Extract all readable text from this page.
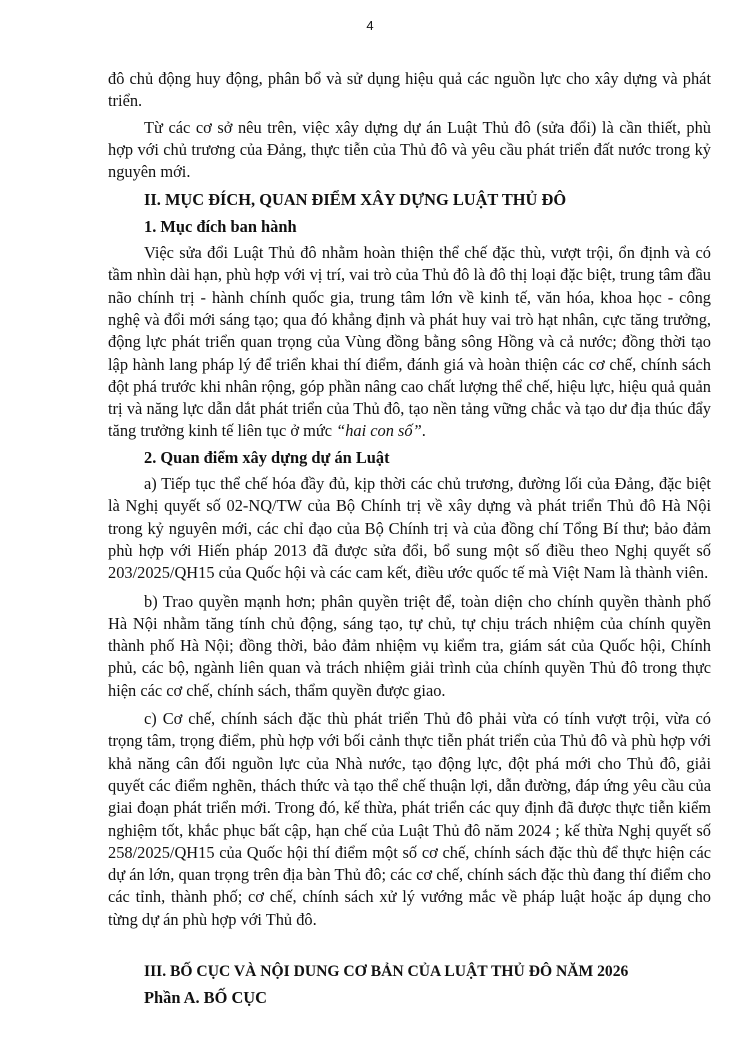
4

đô chủ động huy động, phân bổ và sử dụng hiệu quả các nguồn lực cho xây dựng và phát triển.

Từ các cơ sở nêu trên, việc xây dựng dự án Luật Thủ đô (sửa đổi) là cần thiết, phù hợp với chủ trương của Đảng, thực tiễn của Thủ đô và yêu cầu phát triển đất nước trong kỷ nguyên mới.

II. MỤC ĐÍCH, QUAN ĐIỂM XÂY DỰNG LUẬT THỦ ĐÔ
1. Mục đích ban hành

Việc sửa đổi Luật Thủ đô nhằm hoàn thiện thể chế đặc thù, vượt trội, ổn định và có tầm nhìn dài hạn, phù hợp với vị trí, vai trò của Thủ đô là đô thị loại đặc biệt, trung tâm đầu não chính trị - hành chính quốc gia, trung tâm lớn về kinh tế, văn hóa, khoa học - công nghệ và đổi mới sáng tạo; qua đó khẳng định và phát huy vai trò hạt nhân, cực tăng trưởng, động lực phát triển quan trọng của Vùng đồng bằng sông Hồng và cả nước; đồng thời tạo lập hành lang pháp lý để triển khai thí điểm, đánh giá và hoàn thiện các cơ chế, chính sách đột phá trước khi nhân rộng, góp phần nâng cao chất lượng thể chế, hiệu lực, hiệu quả quản trị và năng lực dẫn dắt phát triển của Thủ đô, tạo nền tảng vững chắc và tạo dư địa thúc đẩy tăng trưởng kinh tế liên tục ở mức “hai con số”.

2. Quan điểm xây dựng dự án Luật

a) Tiếp tục thể chế hóa đầy đủ, kịp thời các chủ trương, đường lối của Đảng, đặc biệt là Nghị quyết số 02-NQ/TW của Bộ Chính trị về xây dựng và phát triển Thủ đô Hà Nội trong kỷ nguyên mới, các chỉ đạo của Bộ Chính trị và của đồng chí Tổng Bí thư; bảo đảm phù hợp với Hiến pháp 2013 đã được sửa đổi, bổ sung một số điều theo Nghị quyết số 203/2025/QH15 của Quốc hội và các cam kết, điều ước quốc tế mà Việt Nam là thành viên.

b) Trao quyền mạnh hơn; phân quyền triệt để, toàn diện cho chính quyền thành phố Hà Nội nhằm tăng tính chủ động, sáng tạo, tự chủ, tự chịu trách nhiệm của chính quyền thành phố Hà Nội; đồng thời, bảo đảm nhiệm vụ kiểm tra, giám sát của Quốc hội, Chính phủ, các bộ, ngành liên quan và trách nhiệm giải trình của chính quyền Thủ đô trong thực hiện các cơ chế, chính sách, thẩm quyền được giao.

c) Cơ chế, chính sách đặc thù phát triển Thủ đô phải vừa có tính vượt trội, vừa có trọng tâm, trọng điểm, phù hợp với bối cảnh thực tiễn phát triển của Thủ đô và phù hợp với khả năng cân đối nguồn lực của Nhà nước, tạo động lực, đột phá mới cho Thủ đô, giải quyết các điểm nghẽn, thách thức và tạo thể chế thuận lợi, dẫn đường, đáp ứng yêu cầu của giai đoạn phát triển mới. Trong đó, kế thừa, phát triển các quy định đã được thực tiễn kiểm nghiệm tốt, khắc phục bất cập, hạn chế của Luật Thủ đô năm 2024 ; kế thừa Nghị quyết số 258/2025/QH15 của Quốc hội thí điểm một số cơ chế, chính sách đặc thù để thực hiện các dự án lớn, quan trọng trên địa bàn Thủ đô; các cơ chế, chính sách đặc thù đang thí điểm cho các tỉnh, thành phố; cơ chế, chính sách xử lý vướng mắc về pháp luật hoặc áp dụng cho từng dự án phù hợp với Thủ đô.

III. BỐ CỤC VÀ NỘI DUNG CƠ BẢN CỦA LUẬT THỦ ĐÔ NĂM 2026
Phần A. BỐ CỤC
